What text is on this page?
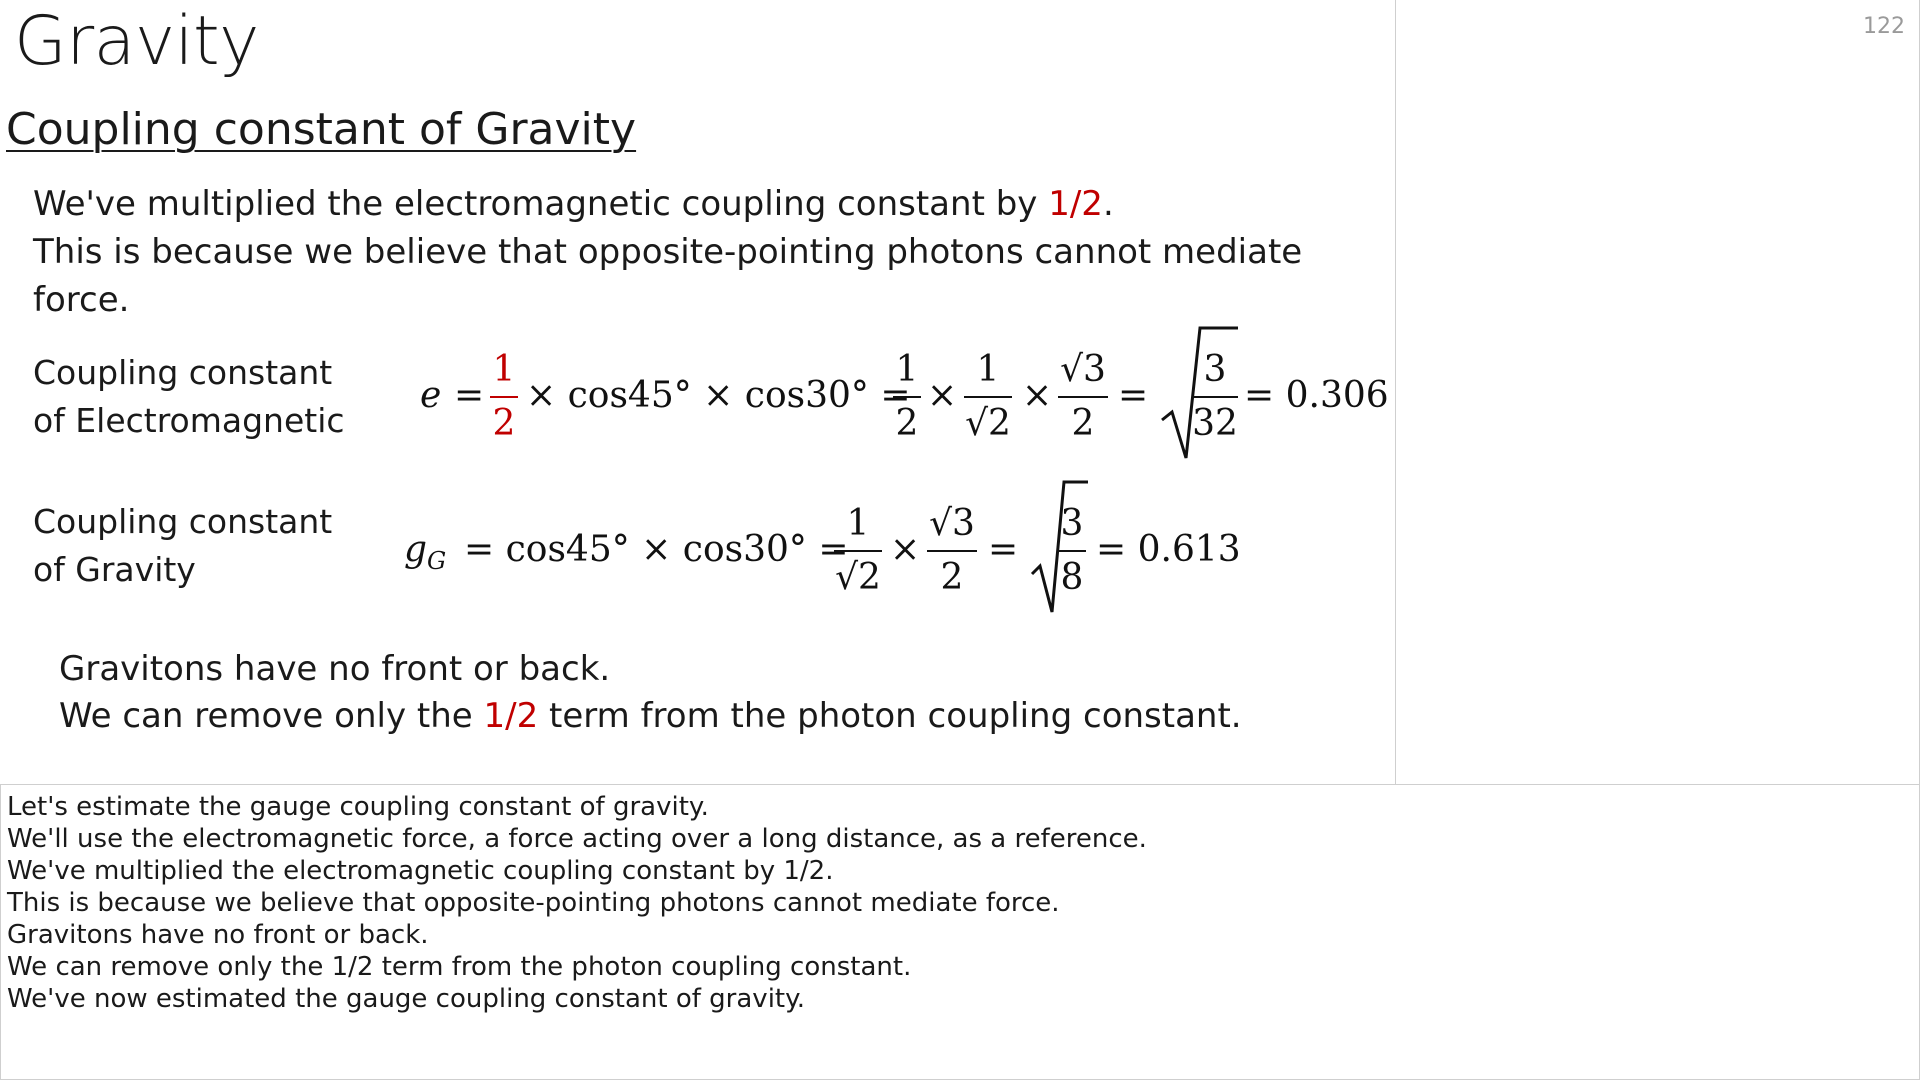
Gravity
Coupling constant of Gravity
We've multiplied the electromagnetic coupling constant by 1/2.
This is because we believe that opposite-pointing photons cannot mediate force.
Coupling constant
of Electromagnetic
e =
1
2
× cos45° × cos30° =
1
2
×
1
√2
×
√3
2
=
3
32
= 0.306
Coupling constant
of Gravity	$g_G = \cos 45^\circ \times \cos 30^\circ$ =
1
√2
×
√3
2
=
3
8
= 0.613
Gravitons have no front or back.
We can remove only the 1/2 term from the photon coupling constant.
122
Let's estimate the gauge coupling constant of gravity.
We'll use the electromagnetic force, a force acting over a long distance, as a reference.
We've multiplied the electromagnetic coupling constant by 1/2.
This is because we believe that opposite-pointing photons cannot mediate force.
Gravitons have no front or back.
We can remove only the 1/2 term from the photon coupling constant.
We've now estimated the gauge coupling constant of gravity.
